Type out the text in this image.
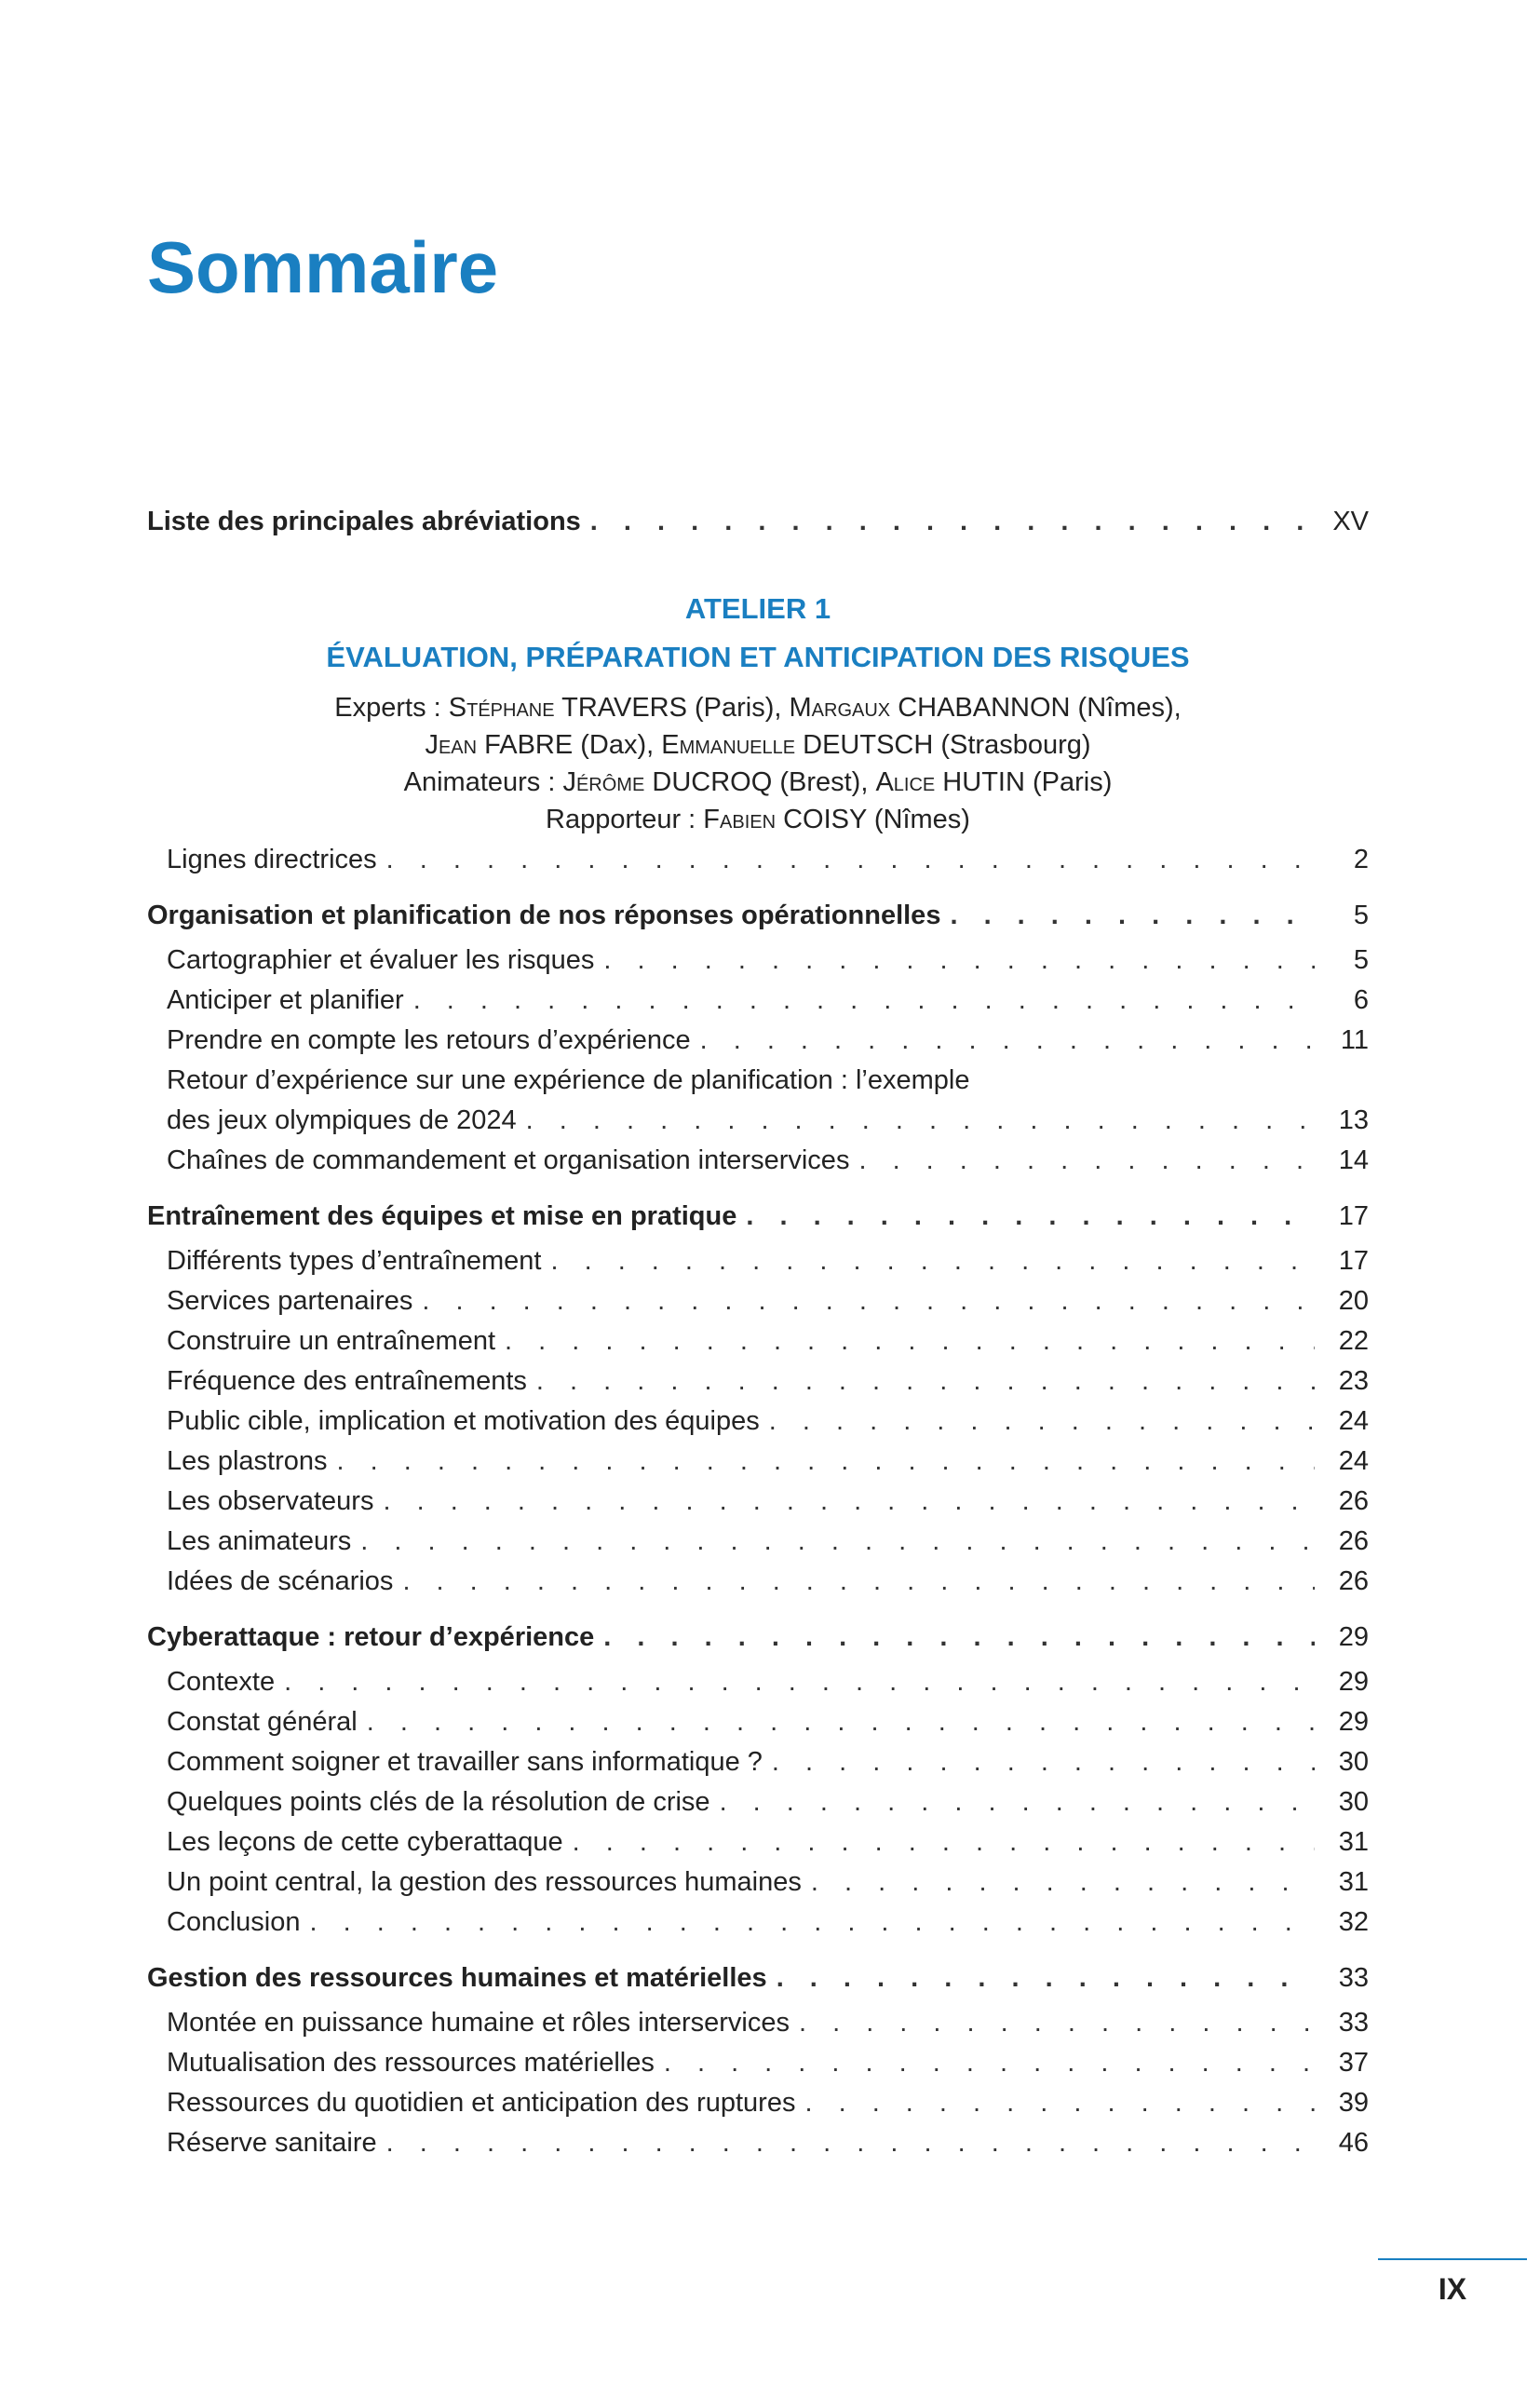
Sommaire
Liste des principales abréviations . . .	XV
ATELIER 1
ÉVALUATION, PRÉPARATION ET ANTICIPATION DES RISQUES
Experts : Stéphane TRAVERS (Paris), Margaux CHABANNON (Nîmes),
Jean FABRE (Dax), Emmanuelle DEUTSCH (Strasbourg)
Animateurs : Jérôme DUCROQ (Brest), Alice HUTIN (Paris)
Rapporteur : Fabien COISY (Nîmes)
Lignes directrices . . .	2
Organisation et planification de nos réponses opérationnelles . . .	5
Cartographier et évaluer les risques . . .	5
Anticiper et planifier . . .	6
Prendre en compte les retours d’expérience . . .	11
Retour d’expérience sur une expérience de planification : l’exemple
des jeux olympiques de 2024 . . .	13
Chaînes de commandement et organisation interservices . . .	14
Entraînement des équipes et mise en pratique . . .	17
Différents types d’entraînement . . .	17
Services partenaires . . .	20
Construire un entraînement . . .	22
Fréquence des entraînements . . .	23
Public cible, implication et motivation des équipes . . .	24
Les plastrons . . .	24
Les observateurs . . .	26
Les animateurs . . .	26
Idées de scénarios . . .	26
Cyberattaque : retour d’expérience . . .	29
Contexte . . .	29
Constat général . . .	29
Comment soigner et travailler sans informatique ? . . .	30
Quelques points clés de la résolution de crise . . .	30
Les leçons de cette cyberattaque . . .	31
Un point central, la gestion des ressources humaines . . .	31
Conclusion . . .	32
Gestion des ressources humaines et matérielles . . .	33
Montée en puissance humaine et rôles interservices . . .	33
Mutualisation des ressources matérielles . . .	37
Ressources du quotidien et anticipation des ruptures . . .	39
Réserve sanitaire . . .	46
IX
